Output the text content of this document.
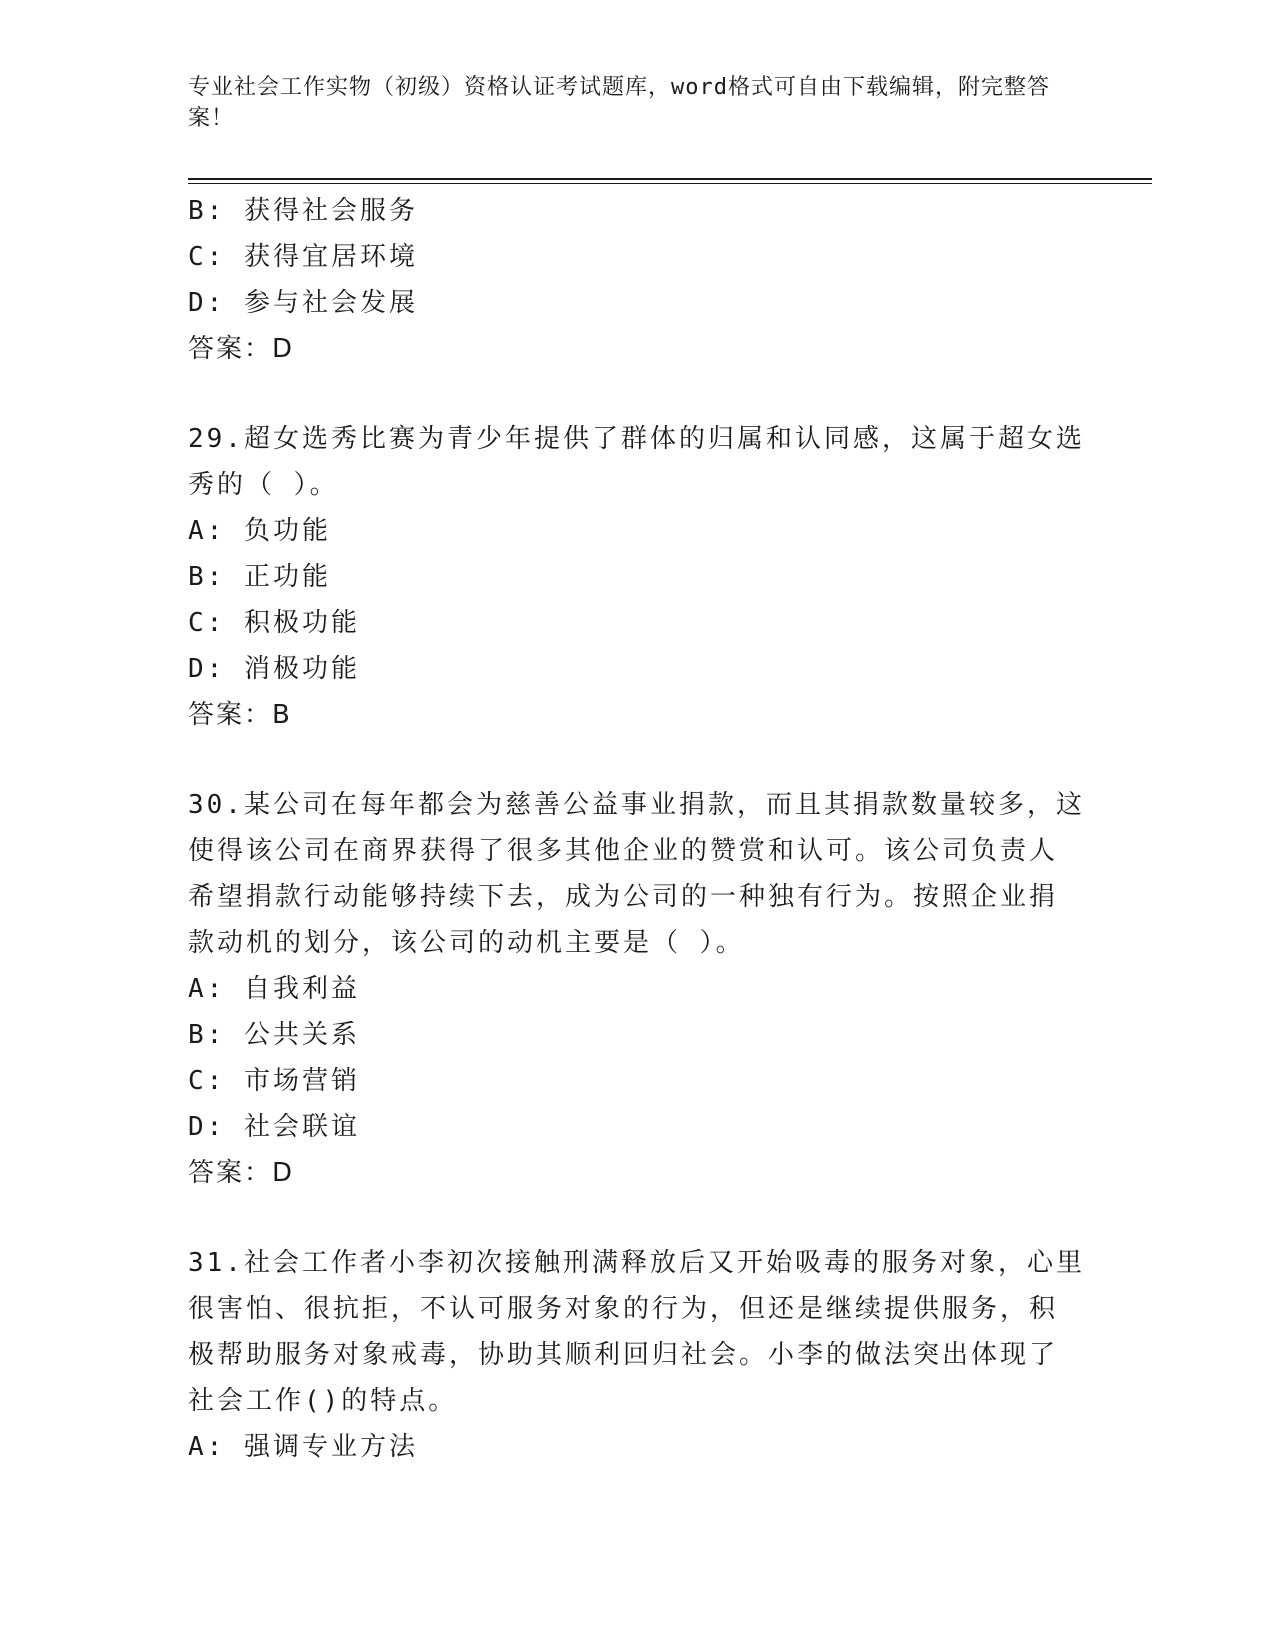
专业社会工作实物（初级）资格认证考试题库，word格式可自由下载编辑，附完整答案！
B: 获得社会服务
C: 获得宜居环境
D: 参与社会发展
答案：D
29.超女选秀比赛为青少年提供了群体的归属和认同感，这属于超女选
秀的（ ）。
A: 负功能
B: 正功能
C: 积极功能
D: 消极功能
答案：B
30.某公司在每年都会为慈善公益事业捐款，而且其捐款数量较多，这
使得该公司在商界获得了很多其他企业的赞赏和认可。该公司负责人
希望捐款行动能够持续下去，成为公司的一种独有行为。按照企业捐
款动机的划分，该公司的动机主要是（ ）。
A: 自我利益
B: 公共关系
C: 市场营销
D: 社会联谊
答案：D
31.社会工作者小李初次接触刑满释放后又开始吸毒的服务对象，心里
很害怕、很抗拒，不认可服务对象的行为，但还是继续提供服务，积
极帮助服务对象戒毒，协助其顺利回归社会。小李的做法突出体现了
社会工作()的特点。
A: 强调专业方法
